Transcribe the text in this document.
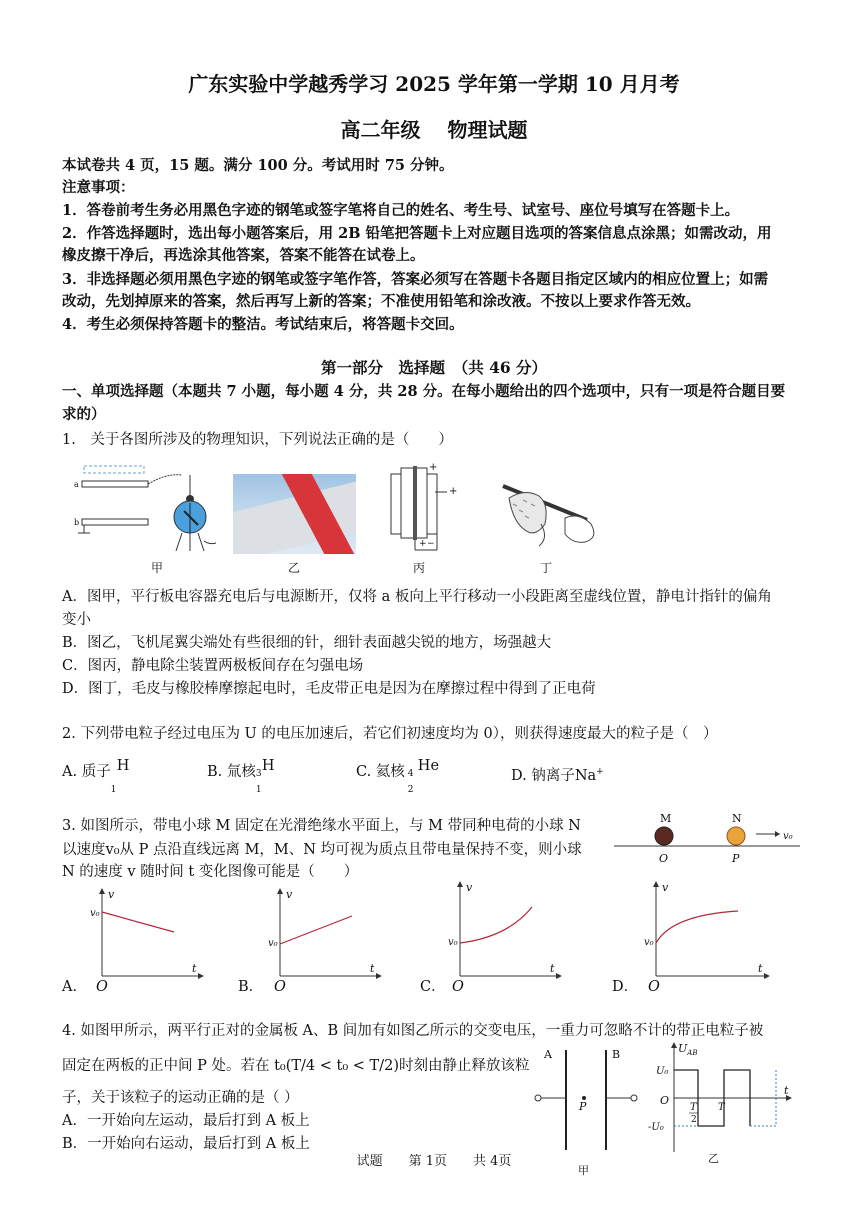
广东实验中学越秀学习 2025 学年第一学期 10 月月考
高二年级　 物理试题
本试卷共 4 页，15 题。满分 100 分。考试用时 75 分钟。
注意事项：
1．答卷前考生务必用黑色字迹的钢笔或签字笔将自己的姓名、考生号、试室号、座位号填写在答题卡上。
2．作答选择题时，选出每小题答案后，用 2B 铅笔把答题卡上对应题目选项的答案信息点涂黑；如需改动，用
橡皮擦干净后，再选涂其他答案，答案不能答在试卷上。
3．非选择题必须用黑色字迹的钢笔或签字笔作答，答案必须写在答题卡各题目指定区域内的相应位置上；如需
改动，先划掉原来的答案，然后再写上新的答案；不准使用铅笔和涂改液。不按以上要求作答无效。
4．考生必须保持答题卡的整洁。考试结束后，将答题卡交回。
第一部分　选择题　（共 46 分）
一、单项选择题（本题共 7 小题，每小题 4 分，共 28 分。在每小题给出的四个选项中，只有一项是符合题目要
求的）
1.　关于各图所涉及的物理知识，下列说法正确的是（　　）
a
b
甲	乙
+
+
+ −
丙	丁
A．图甲，平行板电容器充电后与电源断开，仅将 a 板向上平行移动一小段距离至虚线位置，静电计指针的偏角
变小
B．图乙，飞机尾翼尖端处有些很细的针，细针表面越尖锐的地方，场强越大
C．图丙，静电除尘装置两极板间存在匀强电场
D．图丁，毛皮与橡胶棒摩擦起电时，毛皮带正电是因为在摩擦过程中得到了正电荷
2. 下列带电粒子经过电压为 U 的电压加速后，若它们初速度均为 0），则获得速度最大的粒子是（　）
A. 质子
1
H	B. 氚核 3
1
H	C. 氦核 4
2
He
D. 钠离子Na+
3. 如图所示，带电小球 M 固定在光滑绝缘水平面上，与 M 带同种电荷的小球 N
以速度v₀从 P 点沿直线远离 M，M、N 均可视为质点且带电量保持不变，则小球
N 的速度 v 随时间 t 变化图像可能是（　　）
M	N
O	P
v₀
v
t
v₀
A． O
v
t
v₀
B． O
v
t
v₀
C． O
v
t
v₀
D． O
4. 如图甲所示，两平行正对的金属板 A、B 间加有如图乙所示的交变电压，一重力可忽略不计的带正电粒子被
固定在两板的正中间 P 处。若在 t₀(T/4 < t₀ < T/2)时刻由静止释放该粒
子，关于该粒子的运动正确的是（ ）
A．一开始向左运动，最后打到 A 板上
B．一开始向右运动，最后打到 A 板上
A	B
P
甲
$U_{AB}$
t
U₀
O
-U₀
T
2
T
乙
试题　　第 1页　　共 4页
